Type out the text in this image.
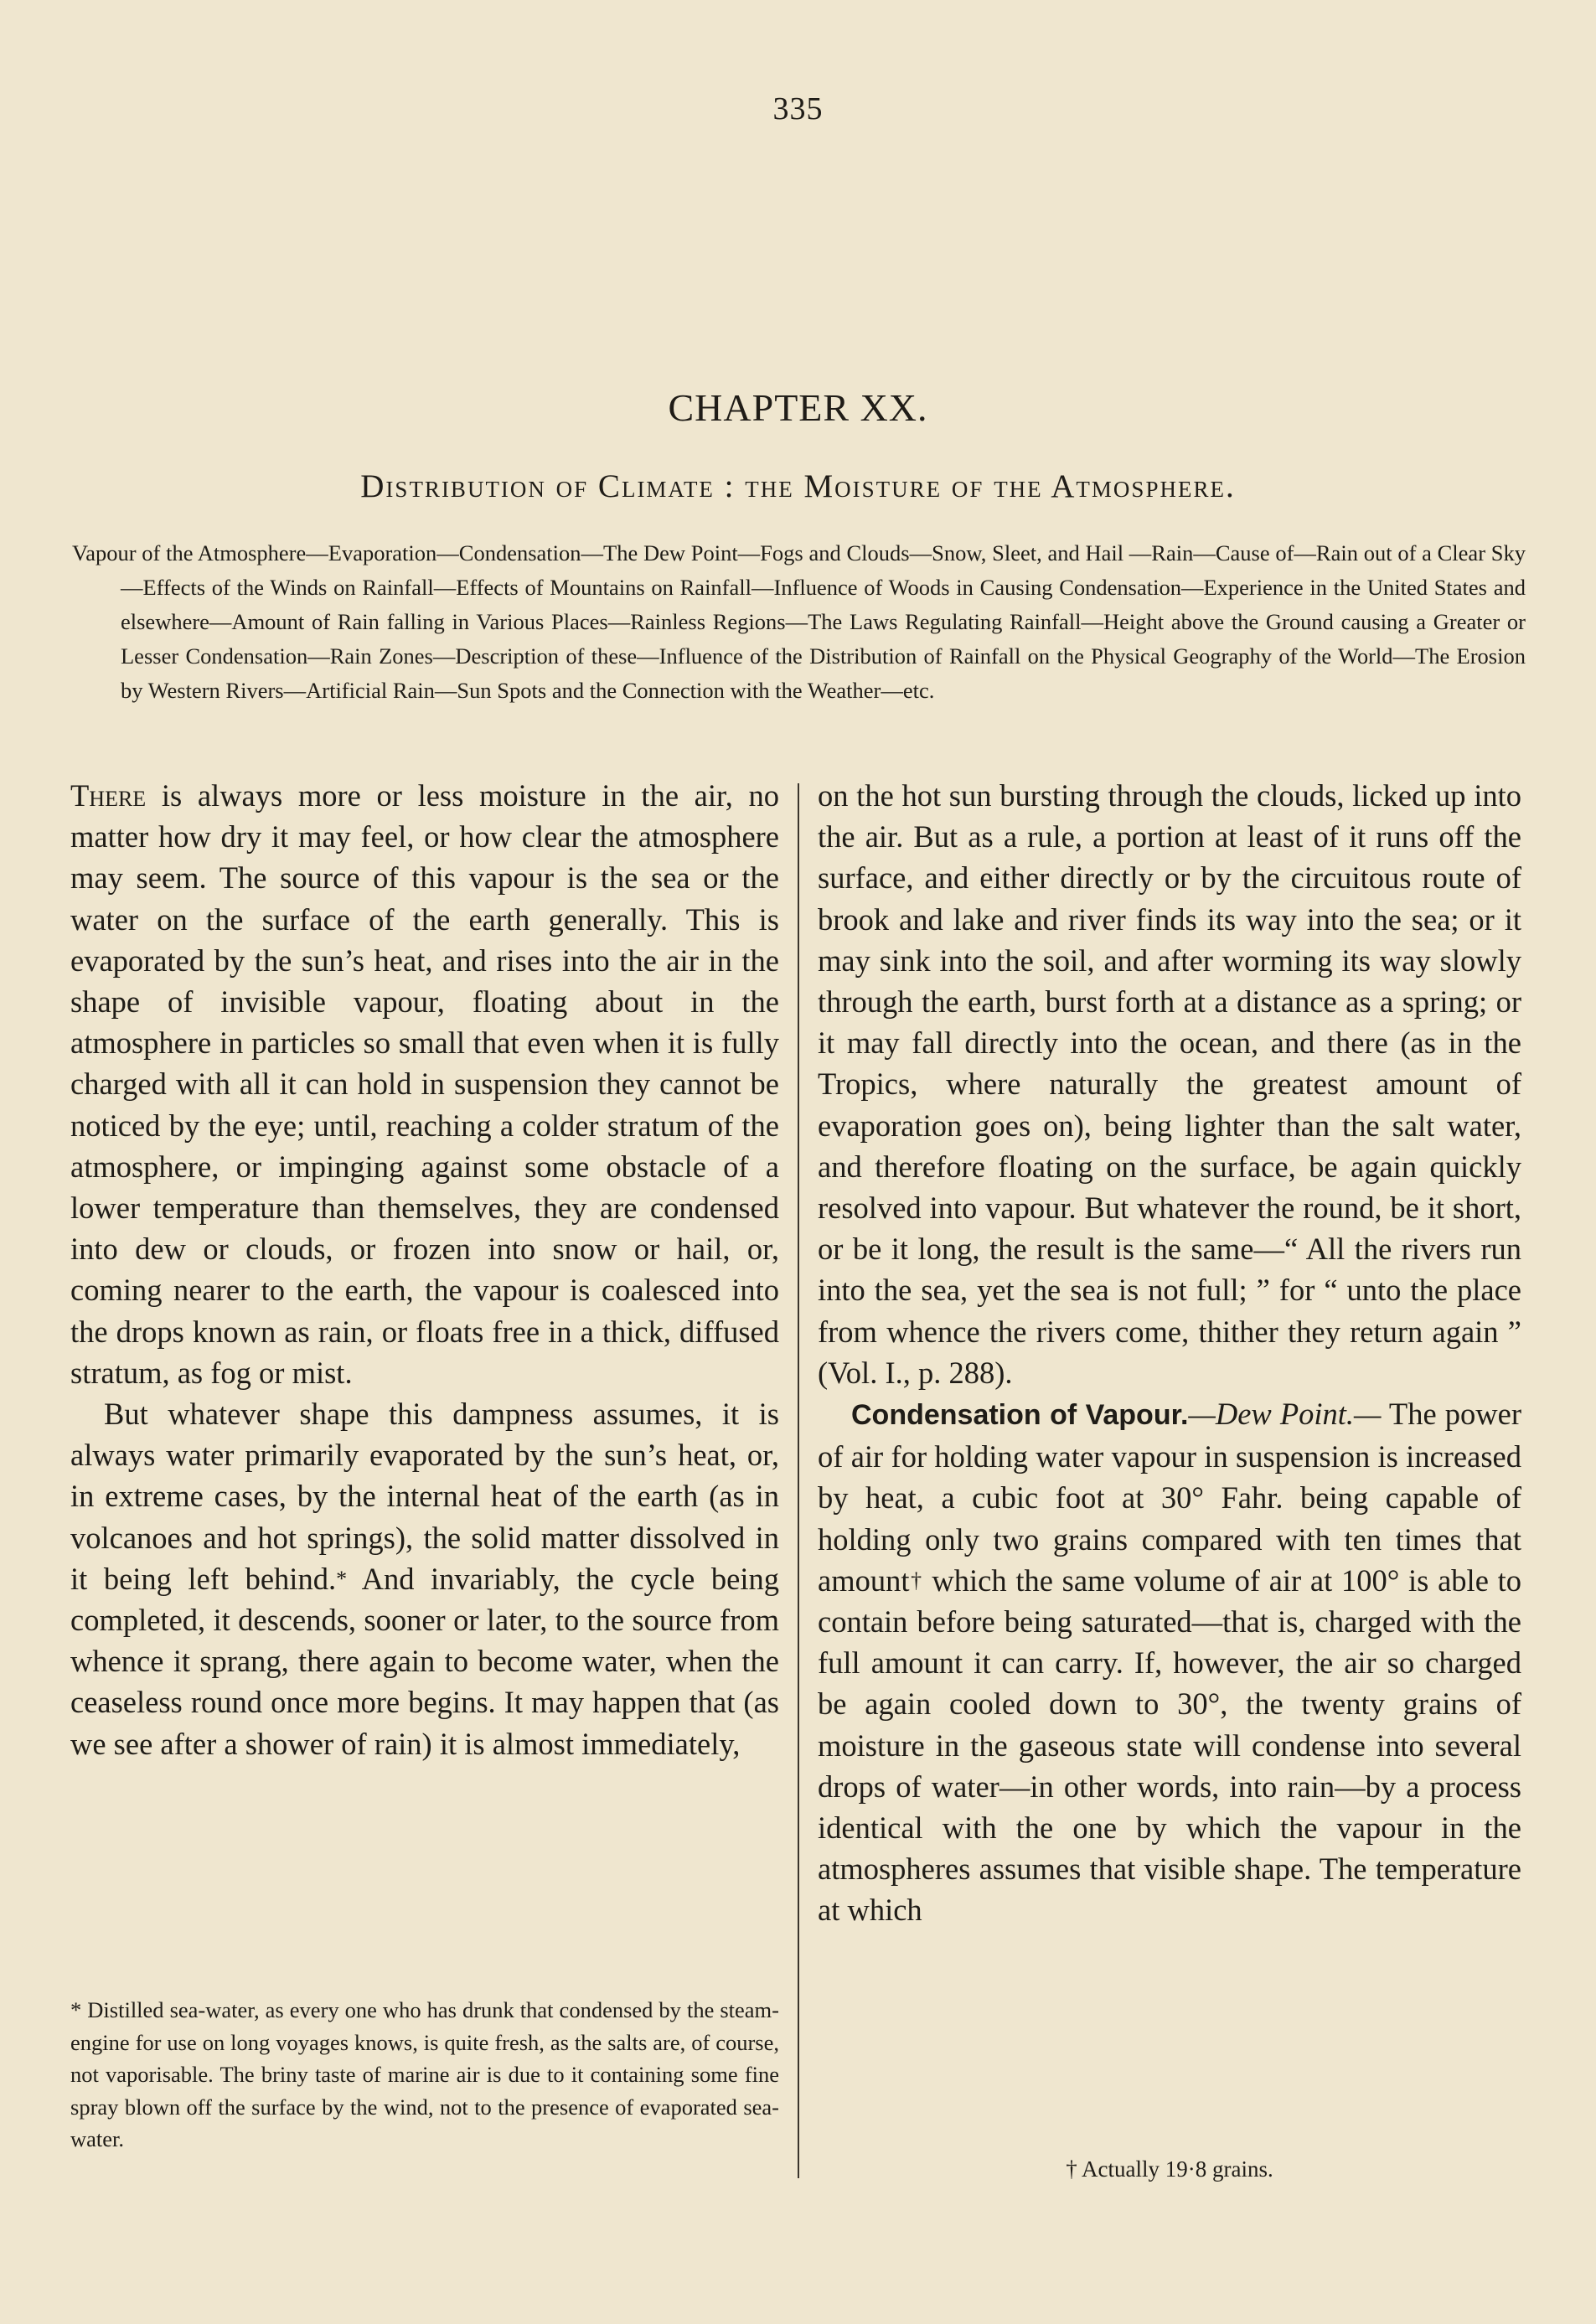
335
CHAPTER XX.
Distribution of Climate : the Moisture of the Atmosphere.
Vapour of the Atmosphere—Evaporation—Condensation—The Dew Point—Fogs and Clouds—Snow, Sleet, and Hail —Rain—Cause of—Rain out of a Clear Sky—Effects of the Winds on Rainfall—Effects of Mountains on Rainfall—Influence of Woods in Causing Condensation—Experience in the United States and elsewhere—Amount of Rain falling in Various Places—Rainless Regions—The Laws Regulating Rainfall—Height above the Ground causing a Greater or Lesser Condensation—Rain Zones—Description of these—Influence of the Distribution of Rainfall on the Physical Geography of the World—The Erosion by Western Rivers—Artificial Rain—Sun Spots and the Connection with the Weather—etc.

There is always more or less moisture in the air, no matter how dry it may feel, or how clear the atmosphere may seem. The source of this vapour is the sea or the water on the surface of the earth generally. This is evaporated by the sun’s heat, and rises into the air in the shape of invisible vapour, floating about in the atmosphere in particles so small that even when it is fully charged with all it can hold in suspension they cannot be noticed by the eye; until, reaching a colder stratum of the atmosphere, or impinging against some obstacle of a lower temperature than themselves, they are condensed into dew or clouds, or frozen into snow or hail, or, coming nearer to the earth, the vapour is coalesced into the drops known as rain, or floats free in a thick, diffused stratum, as fog or mist.

But whatever shape this dampness assumes, it is always water primarily evaporated by the sun’s heat, or, in extreme cases, by the internal heat of the earth (as in volcanoes and hot springs), the solid matter dissolved in it being left behind.* And invariably, the cycle being completed, it descends, sooner or later, to the source from whence it sprang, there again to become water, when the ceaseless round once more begins. It may happen that (as we see after a shower of rain) it is almost immediately,

on the hot sun bursting through the clouds, licked up into the air. But as a rule, a portion at least of it runs off the surface, and either directly or by the circuitous route of brook and lake and river finds its way into the sea; or it may sink into the soil, and after worming its way slowly through the earth, burst forth at a distance as a spring; or it may fall directly into the ocean, and there (as in the Tropics, where naturally the greatest amount of evaporation goes on), being lighter than the salt water, and therefore floating on the surface, be again quickly resolved into vapour. But whatever the round, be it short, or be it long, the result is the same—“ All the rivers run into the sea, yet the sea is not full; ” for “ unto the place from whence the rivers come, thither they return again ” (Vol. I., p. 288).

Condensation of Vapour.—Dew Point.— The power of air for holding water vapour in suspension is increased by heat, a cubic foot at 30° Fahr. being capable of holding only two grains compared with ten times that amount† which the same volume of air at 100° is able to contain before being saturated—that is, charged with the full amount it can carry. If, however, the air so charged be again cooled down to 30°, the twenty grains of moisture in the gaseous state will condense into several drops of water—in other words, into rain—by a process identical with the one by which the vapour in the atmospheres assumes that visible shape. The temperature at which

* Distilled sea-water, as every one who has drunk that condensed by the steam-engine for use on long voyages knows, is quite fresh, as the salts are, of course, not vaporisable. The briny taste of marine air is due to it containing some fine spray blown off the surface by the wind, not to the presence of evaporated sea-water.
† Actually 19·8 grains.
